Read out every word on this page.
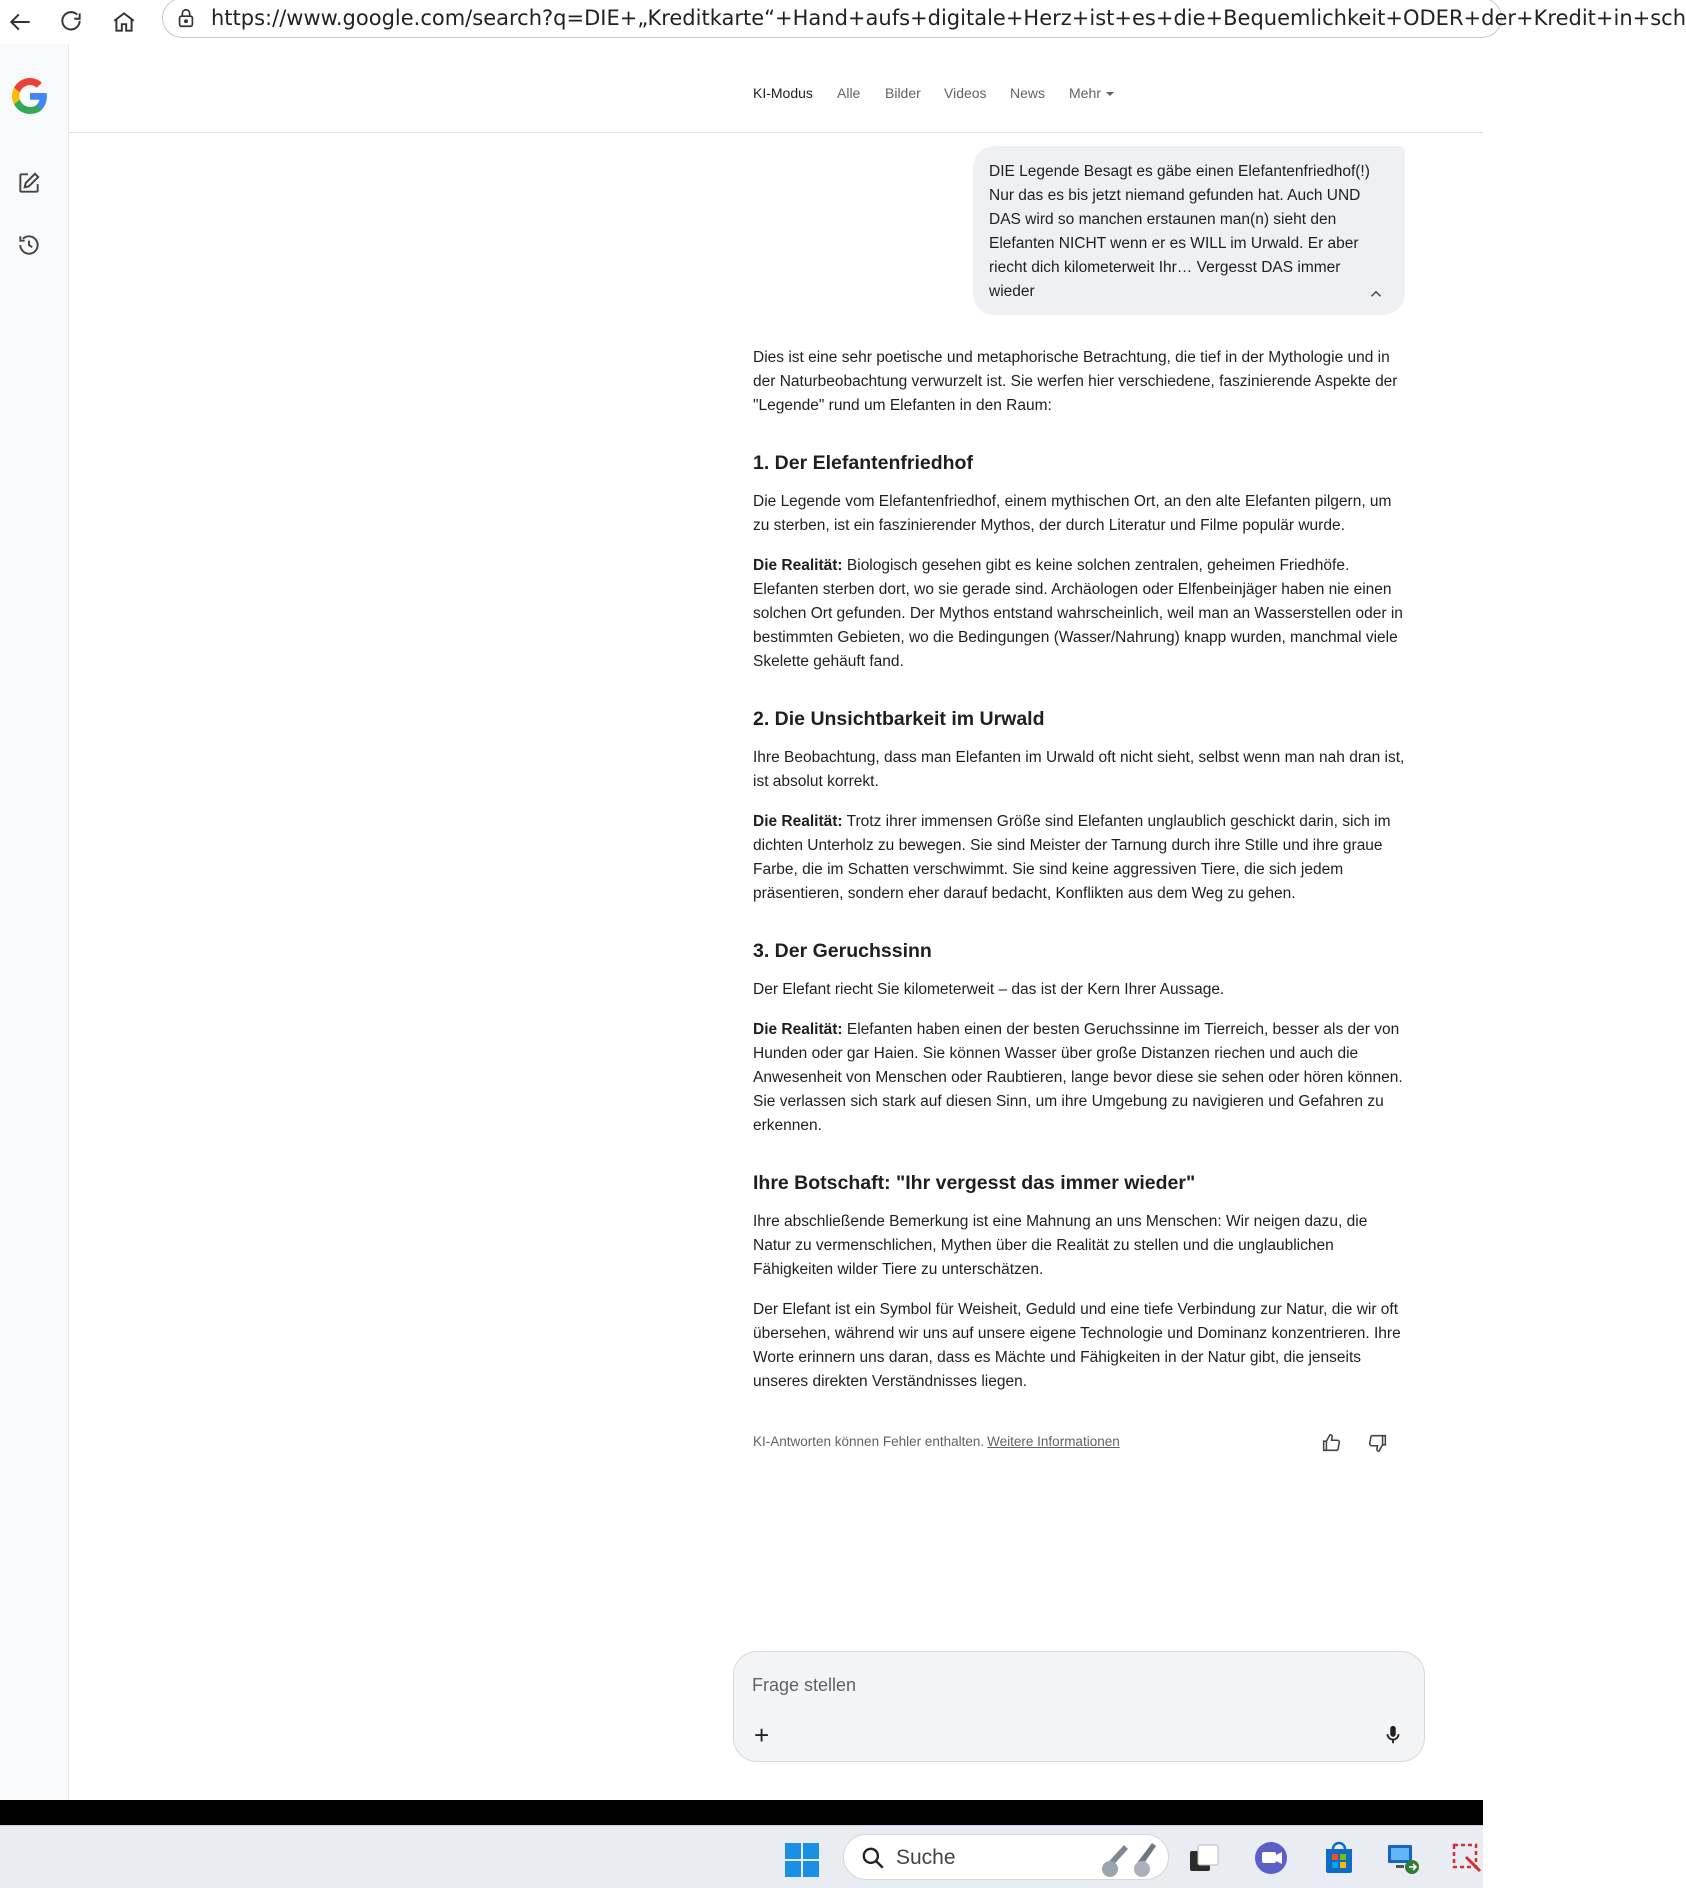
https://www.google.com/search?q=DIE+„Kreditkarte“+Hand+aufs+digitale+Herz+ist+es+die+Bequemlichkeit+ODER+der+Kredit+in+sch
KI-Modus Alle Bilder Videos News Mehr
DIE Legende Besagt es gäbe einen Elefantenfriedhof(!) Nur das es bis jetzt niemand gefunden hat. Auch UND DAS wird so manchen erstaunen man(n) sieht den Elefanten NICHT wenn er es WILL im Urwald. Er aber riecht dich kilometerweit Ihr… Vergesst DAS immer wieder

Dies ist eine sehr poetische und metaphorische Betrachtung, die tief in der Mythologie und in der Naturbeobachtung verwurzelt ist. Sie werfen hier verschiedene, faszinierende Aspekte der "Legende" rund um Elefanten in den Raum:

1. Der Elefantenfriedhof

Die Legende vom Elefantenfriedhof, einem mythischen Ort, an den alte Elefanten pilgern, um zu sterben, ist ein faszinierender Mythos, der durch Literatur und Filme populär wurde.

Die Realität: Biologisch gesehen gibt es keine solchen zentralen, geheimen Friedhöfe. Elefanten sterben dort, wo sie gerade sind. Archäologen oder Elfenbeinjäger haben nie einen solchen Ort gefunden. Der Mythos entstand wahrscheinlich, weil man an Wasserstellen oder in bestimmten Gebieten, wo die Bedingungen (Wasser/Nahrung) knapp wurden, manchmal viele Skelette gehäuft fand.

2. Die Unsichtbarkeit im Urwald

Ihre Beobachtung, dass man Elefanten im Urwald oft nicht sieht, selbst wenn man nah dran ist, ist absolut korrekt.

Die Realität: Trotz ihrer immensen Größe sind Elefanten unglaublich geschickt darin, sich im dichten Unterholz zu bewegen. Sie sind Meister der Tarnung durch ihre Stille und ihre graue Farbe, die im Schatten verschwimmt. Sie sind keine aggressiven Tiere, die sich jedem präsentieren, sondern eher darauf bedacht, Konflikten aus dem Weg zu gehen.

3. Der Geruchssinn

Der Elefant riecht Sie kilometerweit – das ist der Kern Ihrer Aussage.

Die Realität: Elefanten haben einen der besten Geruchssinne im Tierreich, besser als der von Hunden oder gar Haien. Sie können Wasser über große Distanzen riechen und auch die Anwesenheit von Menschen oder Raubtieren, lange bevor diese sie sehen oder hören können. Sie verlassen sich stark auf diesen Sinn, um ihre Umgebung zu navigieren und Gefahren zu erkennen.

Ihre Botschaft: "Ihr vergesst das immer wieder"

Ihre abschließende Bemerkung ist eine Mahnung an uns Menschen: Wir neigen dazu, die Natur zu vermenschlichen, Mythen über die Realität zu stellen und die unglaublichen Fähigkeiten wilder Tiere zu unterschätzen.

Der Elefant ist ein Symbol für Weisheit, Geduld und eine tiefe Verbindung zur Natur, die wir oft übersehen, während wir uns auf unsere eigene Technologie und Dominanz konzentrieren. Ihre Worte erinnern uns daran, dass es Mächte und Fähigkeiten in der Natur gibt, die jenseits unseres direkten Verständnisses liegen.

KI-Antworten können Fehler enthalten. Weitere Informationen
Frage stellen
+
Suche
